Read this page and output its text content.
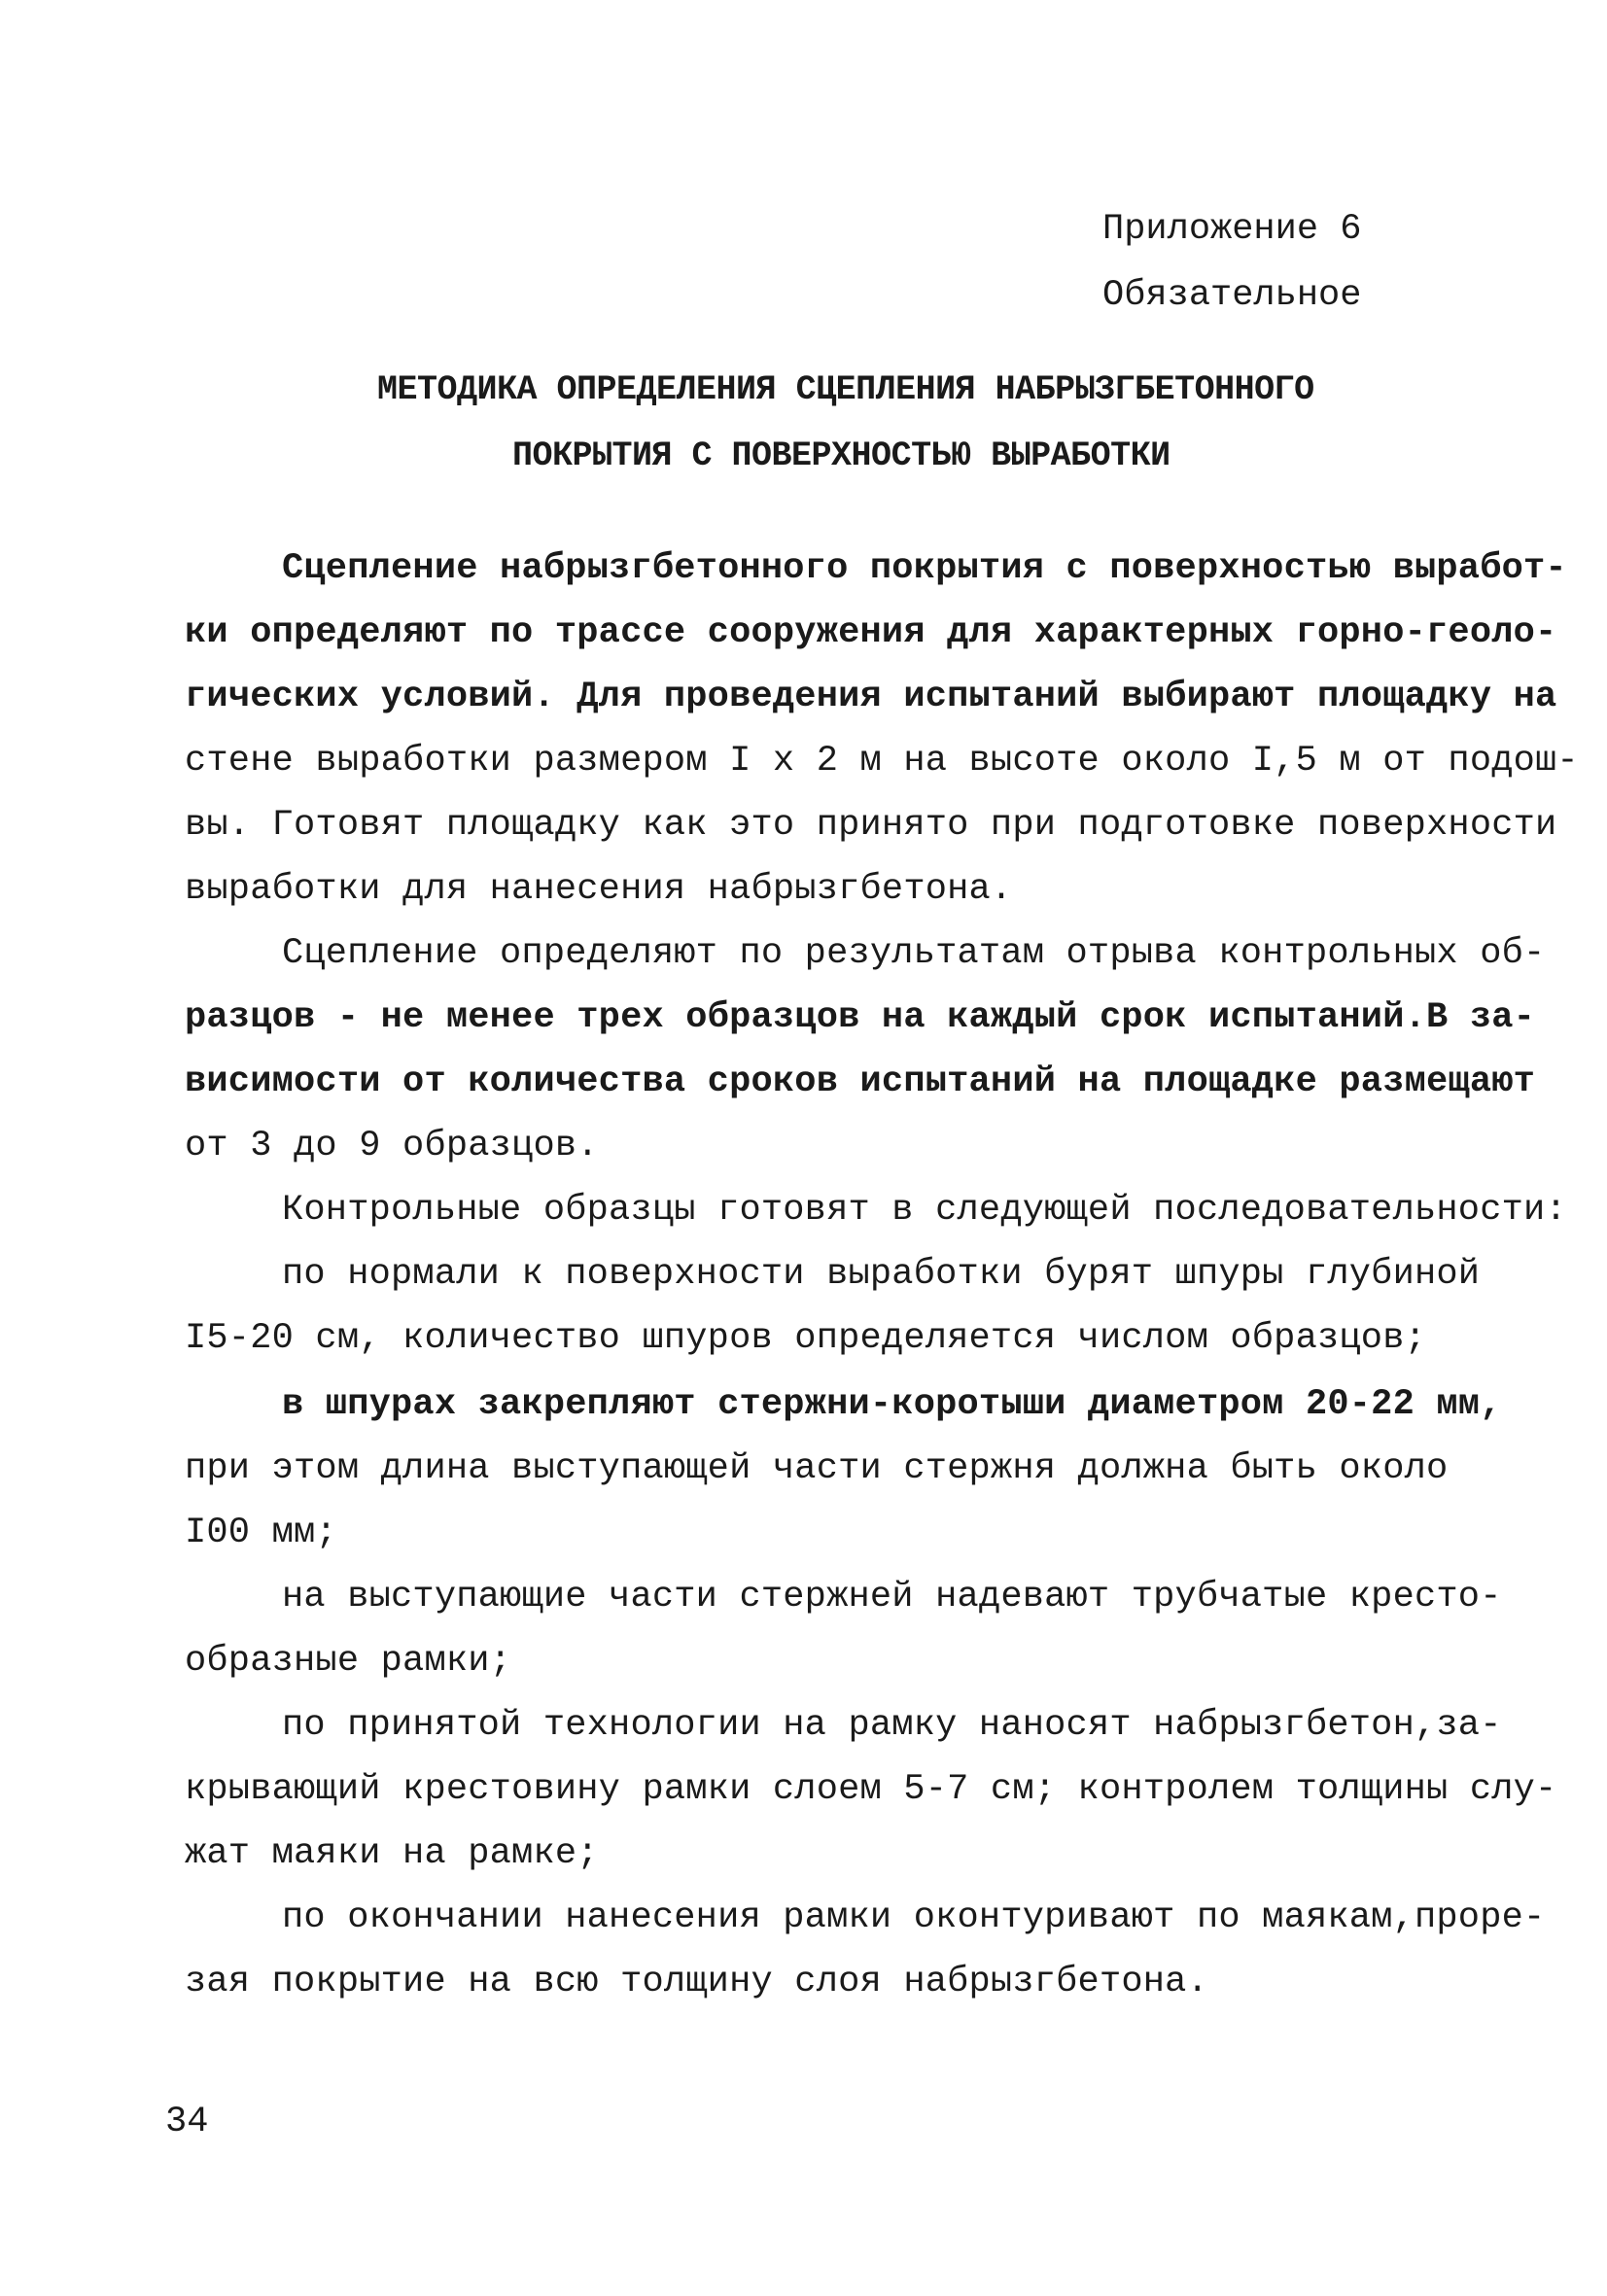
Приложение 6
Обязательное
МЕТОДИКА ОПРЕДЕЛЕНИЯ СЦЕПЛЕНИЯ НАБРЫЗГБЕТОННОГО
ПОКРЫТИЯ С ПОВЕРХНОСТЬЮ ВЫРАБОТКИ
Сцепление набрызгбетонного покрытия с поверхностью выработ-
ки определяют по трассе сооружения для характерных горно-геоло-
гических условий. Для проведения испытаний выбирают площадку на
стене выработки размером I x 2 м на высоте около I,5 м от подош-
вы. Готовят площадку как это принято при подготовке поверхности
выработки для нанесения набрызгбетона.
Сцепление определяют по результатам отрыва контрольных об-
разцов - не менее трех образцов на каждый срок испытаний.В за-
висимости от количества сроков испытаний на площадке размещают
от 3 до 9 образцов.
Контрольные образцы готовят в следующей последовательности:
по нормали к поверхности выработки бурят шпуры глубиной
I5-20 см, количество шпуров определяется числом образцов;
в шпурах закрепляют стержни-коротыши диаметром 20-22 мм,
при этом длина выступающей части стержня должна быть около
I00 мм;
на выступающие части стержней надевают трубчатые кресто-
образные рамки;
по принятой технологии на рамку наносят набрызгбетон,за-
крывающий крестовину рамки слоем 5-7 см; контролем толщины слу-
жат маяки на рамке;
по окончании нанесения рамки оконтуривают по маякам,проре-
зая покрытие на всю толщину слоя набрызгбетона.
34
